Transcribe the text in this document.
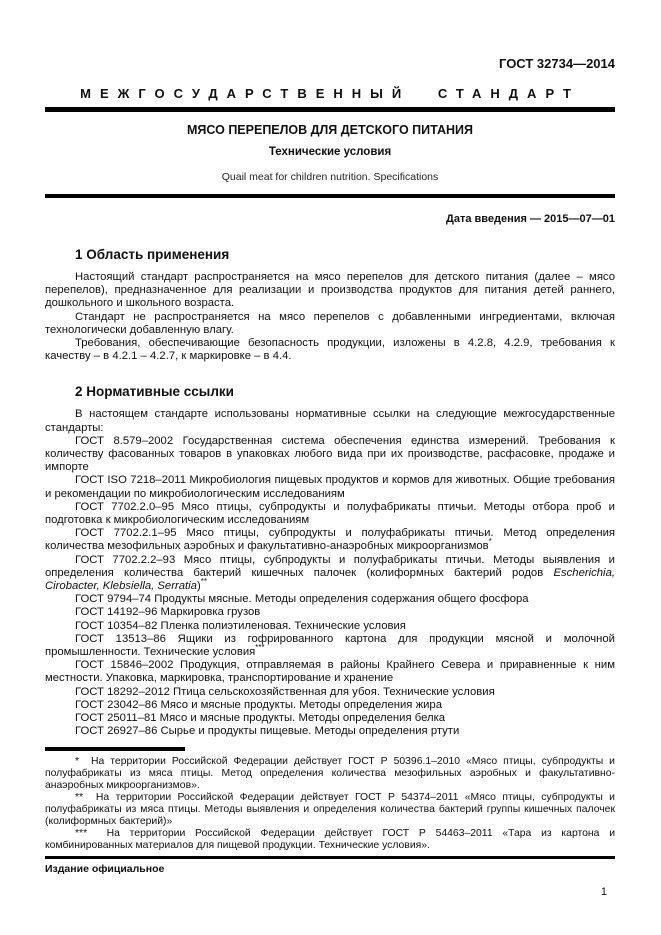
ГОСТ 32734—2014
МЕЖГОСУДАРСТВЕННЫЙ СТАНДАРТ
МЯСО ПЕРЕПЕЛОВ ДЛЯ ДЕТСКОГО ПИТАНИЯ
Технические условия
Quail meat for children nutrition. Specifications
Дата введения — 2015—07—01
1 Область применения

Настоящий стандарт распространяется на мясо перепелов для детского питания (далее – мясо перепелов), предназначенное для реализации и производства продуктов для питания детей раннего, дошкольного и школьного возраста.

Стандарт не распространяется на мясо перепелов с добавленными ингредиентами, включая технологически добавленную влагу.

Требования, обеспечивающие безопасность продукции, изложены в 4.2.8, 4.2.9, требования к качеству – в 4.2.1 – 4.2.7, к маркировке – в 4.4.

2 Нормативные ссылки

В настоящем стандарте использованы нормативные ссылки на следующие межгосударственные стандарты:

ГОСТ 8.579–2002 Государственная система обеспечения единства измерений. Требования к количеству фасованных товаров в упаковках любого вида при их производстве, расфасовке, продаже и импорте

ГОСТ ISO 7218–2011 Микробиология пищевых продуктов и кормов для животных. Общие требования и рекомендации по микробиологическим исследованиям

ГОСТ 7702.2.0–95 Мясо птицы, субпродукты и полуфабрикаты птичьи. Методы отбора проб и подготовка к микробиологическим исследованиям

ГОСТ 7702.2.1–95 Мясо птицы, субпродукты и полуфабрикаты птичьи. Метод определения количества мезофильных аэробных и факультативно-анаэробных микроорганизмов*

ГОСТ 7702.2.2–93 Мясо птицы, субпродукты и полуфабрикаты птичьи. Методы выявления и определения количества бактерий кишечных палочек (колиформных бактерий родов Escherichia, Cirobacter, Klebsiella, Serratia)**

ГОСТ 9794–74 Продукты мясные. Методы определения содержания общего фосфора

ГОСТ 14192–96 Маркировка грузов

ГОСТ 10354–82 Пленка полиэтиленовая. Технические условия

ГОСТ 13513–86 Ящики из гофрированного картона для продукции мясной и молочной промышленности. Технические условия***

ГОСТ 15846–2002 Продукция, отправляемая в районы Крайнего Севера и приравненные к ним местности. Упаковка, маркировка, транспортирование и хранение

ГОСТ 18292–2012 Птица сельскохозяйственная для убоя. Технические условия

ГОСТ 23042–86 Мясо и мясные продукты. Методы определения жира

ГОСТ 25011–81 Мясо и мясные продукты. Методы определения белка

ГОСТ 26927–86 Сырье и продукты пищевые. Методы определения ртути

*  На территории Российской Федерации действует ГОСТ Р 50396.1–2010 «Мясо птицы, субпродукты и полуфабрикаты из мяса птицы. Метод определения количества мезофильных аэробных и факультативно-анаэробных микроорганизмов».

**  На территории Российской Федерации действует ГОСТ Р 54374–2011 «Мясо птицы, субпродукты и полуфабрикаты из мяса птицы. Методы выявления и определения количества бактерий группы кишечных палочек (колиформных бактерий)»

***  На территории Российской Федерации действует ГОСТ Р 54463–2011 «Тара из картона и комбинированных материалов для пищевой продукции. Технические условия».

Издание официальное
1
